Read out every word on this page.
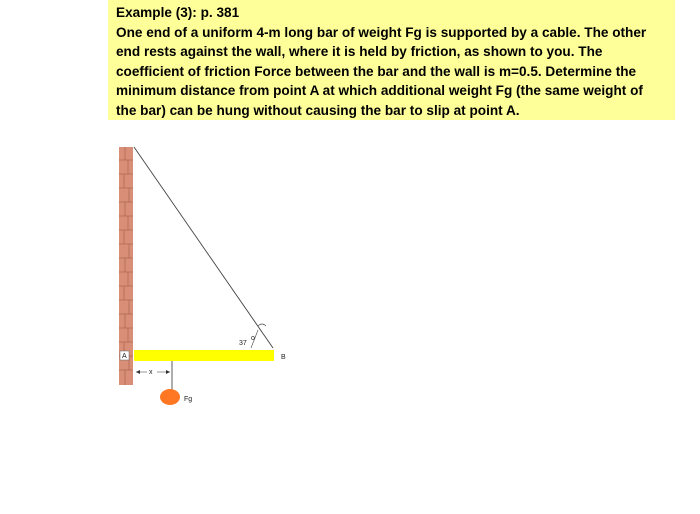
Example (3): p. 381

One end of a uniform 4-m long bar of weight Fg is supported by a cable. The other
end rests against the wall, where it is held by friction, as shown to you. The
coefficient of friction Force between the bar and the wall is m=0.5. Determine the
minimum distance from point A at which additional weight Fg (the same weight of
the bar) can be hung without causing the bar to slip at point A.

37
o
A	B
x
Fg
